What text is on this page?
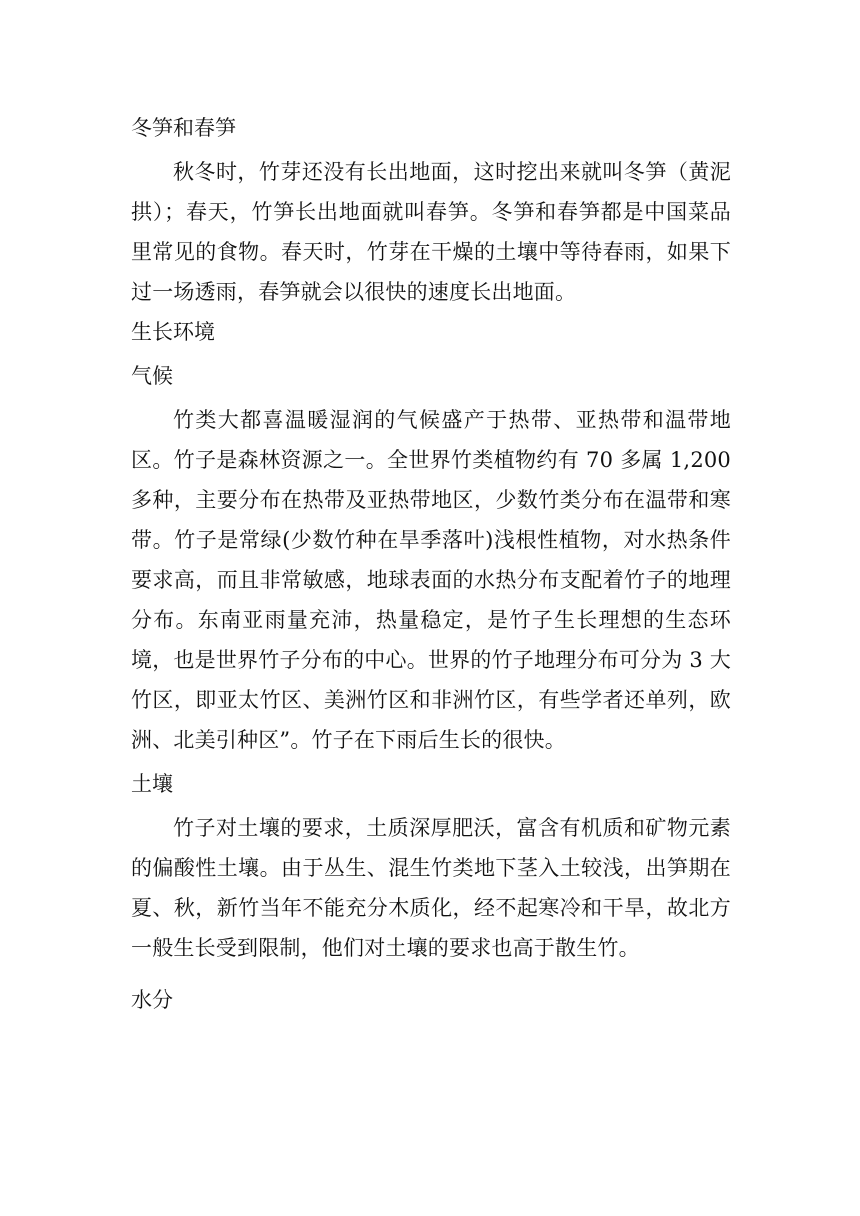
冬笋和春笋

秋冬时，竹芽还没有长出地面，这时挖出来就叫冬笋（黄泥拱）；春天，竹笋长出地面就叫春笋。冬笋和春笋都是中国菜品里常见的食物。春天时，竹芽在干燥的土壤中等待春雨，如果下过一场透雨，春笋就会以很快的速度长出地面。

生长环境
气候

竹类大都喜温暖湿润的气候盛产于热带、亚热带和温带地区。竹子是森林资源之一。全世界竹类植物约有 70 多属 1,200 多种，主要分布在热带及亚热带地区，少数竹类分布在温带和寒带。竹子是常绿(少数竹种在旱季落叶)浅根性植物，对水热条件要求高，而且非常敏感，地球表面的水热分布支配着竹子的地理分布。东南亚雨量充沛，热量稳定，是竹子生长理想的生态环境，也是世界竹子分布的中心。世界的竹子地理分布可分为 3 大竹区，即亚太竹区、美洲竹区和非洲竹区，有些学者还单列，欧洲、北美引种区”。竹子在下雨后生长的很快。

土壤

竹子对土壤的要求，土质深厚肥沃，富含有机质和矿物元素的偏酸性土壤。由于丛生、混生竹类地下茎入土较浅，出笋期在夏、秋，新竹当年不能充分木质化，经不起寒冷和干旱，故北方一般生长受到限制，他们对土壤的要求也高于散生竹。

水分
